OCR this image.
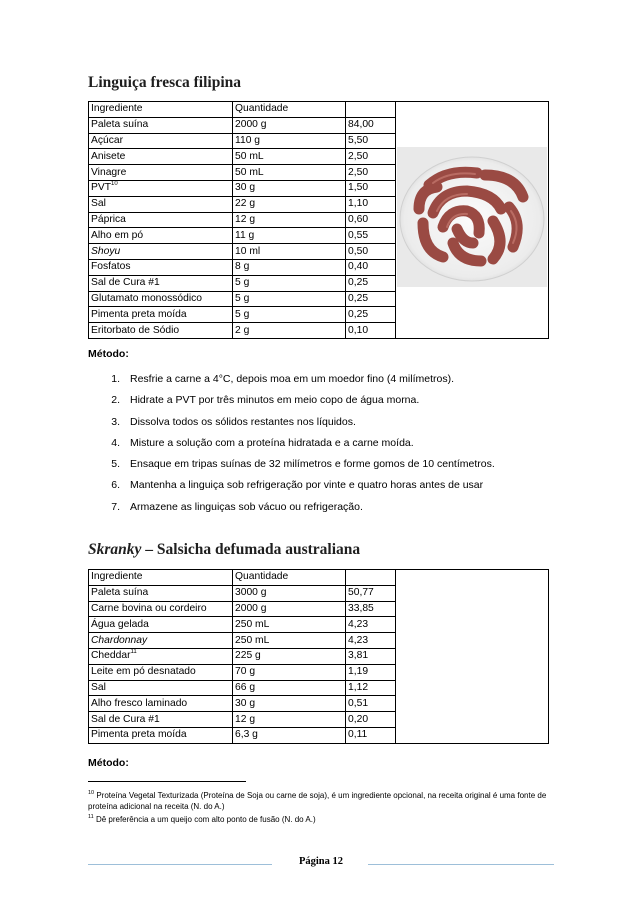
Linguiça fresca filipina
Ingrediente	Quantidade		
Paleta suína	2000 g	84,00	
Açúcar	110 g	5,50	
Anisete	50 mL	2,50	
Vinagre	50 mL	2,50	
PVT$^{10}$	30 g	1,50	
Sal	22 g	1,10	
Páprica	12 g	0,60	
Alho em pó	11 g	0,55	
Shoyu	10 ml	0,50	
Fosfatos	8 g	0,40	
Sal de Cura #1	5 g	0,25	
Glutamato monossódico	5 g	0,25	
Pimenta preta moída	5 g	0,25	
Eritorbato de Sódio	2 g	0,10	

Método:

1. Resfrie a carne a 4°C, depois moa em um moedor fino (4 milímetros).
2. Hidrate a PVT por três minutos em meio copo de água morna.
3. Dissolva todos os sólidos restantes nos líquidos.
4. Misture a solução com a proteína hidratada e a carne moída.
5. Ensaque em tripas suínas de 32 milímetros e forme gomos de 10 centímetros.
6. Mantenha a linguiça sob refrigeração por vinte e quatro horas antes de usar
7. Armazene as linguiças sob vácuo ou refrigeração.
Skranky – Salsicha defumada australiana
Ingrediente	Quantidade		
Paleta suína	3000 g	50,77	
Carne bovina ou cordeiro	2000 g	33,85	
Água gelada	250 mL	4,23	
Chardonnay	250 mL	4,23	
Cheddar$^{11}$	225 g	3,81	
Leite em pó desnatado	70 g	1,19	
Sal	66 g	1,12	
Alho fresco laminado	30 g	0,51	
Sal de Cura #1	12 g	0,20	
Pimenta preta moída	6,3 g	0,11	

Método:

$^{10}$ Proteína Vegetal Texturizada (Proteína de Soja ou carne de soja), é um ingrediente opcional, na receita original é uma fonte de proteína adicional na receita (N. do A.)

$^{11}$ Dê preferência a um queijo com alto ponto de fusão (N. do A.)

Página 12
